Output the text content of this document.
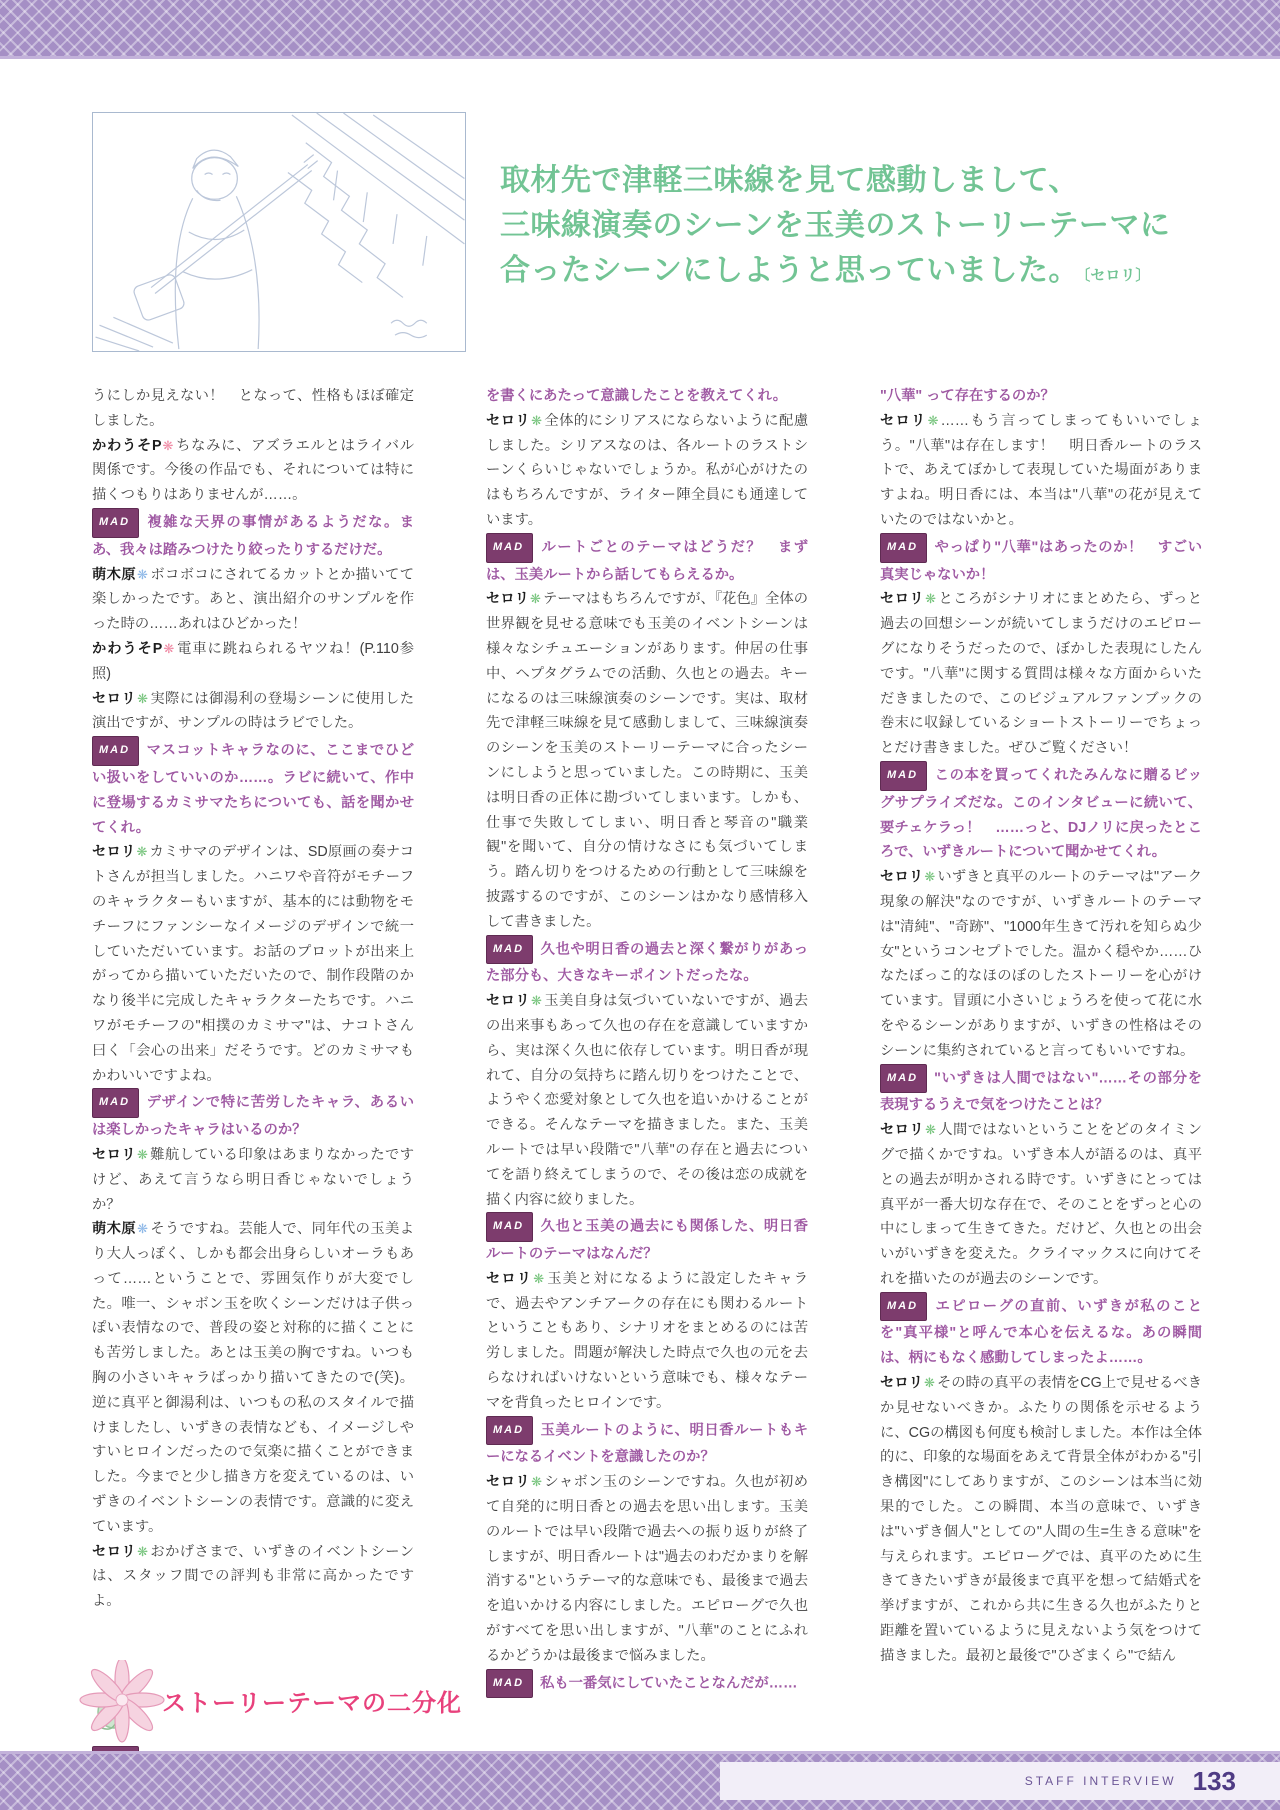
取材先で津軽三味線を見て感動しまして、
三味線演奏のシーンを玉美のストーリーテーマに
合ったシーンにしようと思っていました。 〔セロリ〕

うにしか見えない！　となって、性格もほぼ確定しました。

かわうそP❋ ちなみに、アズラエルとはライバル関係です。今後の作品でも、それについては特に描くつもりはありませんが……。

MAD 複雑な天界の事情があるようだな。まあ、我々は踏みつけたり絞ったりするだけだ。

萌木原❋ ボコボコにされてるカットとか描いてて楽しかったです。あと、演出紹介のサンプルを作った時の……あれはひどかった！

かわうそP❋ 電車に跳ねられるヤツね！(P.110参照)

セロリ❋ 実際には御湯利の登場シーンに使用した演出ですが、サンプルの時はラビでした。

MAD マスコットキャラなのに、ここまでひどい扱いをしていいのか……。ラビに続いて、作中に登場するカミサマたちについても、話を聞かせてくれ。

セロリ❋ カミサマのデザインは、SD原画の奏ナコトさんが担当しました。ハニワや音符がモチーフのキャラクターもいますが、基本的には動物をモチーフにファンシーなイメージのデザインで統一していただいています。お話のプロットが出来上がってから描いていただいたので、制作段階のかなり後半に完成したキャラクターたちです。ハニワがモチーフの"相撲のカミサマ"は、ナコトさん曰く「会心の出来」だそうです。どのカミサマもかわいいですよね。

MAD デザインで特に苦労したキャラ、あるいは楽しかったキャラはいるのか？

セロリ❋ 難航している印象はあまりなかったですけど、あえて言うなら明日香じゃないでしょうか？

萌木原❋ そうですね。芸能人で、同年代の玉美より大人っぽく、しかも都会出身らしいオーラもあって……ということで、雰囲気作りが大変でした。唯一、シャボン玉を吹くシーンだけは子供っぽい表情なので、普段の姿と対称的に描くことにも苦労しました。あとは玉美の胸ですね。いつも胸の小さいキャラばっかり描いてきたので(笑)。逆に真平と御湯利は、いつもの私のスタイルで描けましたし、いずきの表情なども、イメージしやすいヒロインだったので気楽に描くことができました。今までと少し描き方を変えているのは、いずきのイベントシーンの表情です。意識的に変えています。

セロリ❋ おかげさまで、いずきのイベントシーンは、スタッフ間での評判も非常に高かったですよ。

ストーリーテーマの二分化

を書くにあたって意識したことを教えてくれ。

セロリ❋ 全体的にシリアスにならないように配慮しました。シリアスなのは、各ルートのラストシーンくらいじゃないでしょうか。私が心がけたのはもちろんですが、ライター陣全員にも通達しています。

MAD ルートごとのテーマはどうだ？　まずは、玉美ルートから話してもらえるか。

セロリ❋ テーマはもちろんですが、『花色』全体の世界観を見せる意味でも玉美のイベントシーンは様々なシチュエーションがあります。仲居の仕事中、ヘプタグラムでの活動、久也との過去。キーになるのは三味線演奏のシーンです。実は、取材先で津軽三味線を見て感動しまして、三味線演奏のシーンを玉美のストーリーテーマに合ったシーンにしようと思っていました。この時期に、玉美は明日香の正体に勘づいてしまいます。しかも、仕事で失敗してしまい、明日香と琴音の"職業観"を聞いて、自分の情けなさにも気づいてしまう。踏ん切りをつけるための行動として三味線を披露するのですが、このシーンはかなり感情移入して書きました。

MAD 久也や明日香の過去と深く繋がりがあった部分も、大きなキーポイントだったな。

セロリ❋ 玉美自身は気づいていないですが、過去の出来事もあって久也の存在を意識していますから、実は深く久也に依存しています。明日香が現れて、自分の気持ちに踏ん切りをつけたことで、ようやく恋愛対象として久也を追いかけることができる。そんなテーマを描きました。また、玉美ルートでは早い段階で"八華"の存在と過去についてを語り終えてしまうので、その後は恋の成就を描く内容に絞りました。

MAD 久也と玉美の過去にも関係した、明日香ルートのテーマはなんだ？

セロリ❋ 玉美と対になるように設定したキャラで、過去やアンチアークの存在にも関わるルートということもあり、シナリオをまとめるのには苦労しました。問題が解決した時点で久也の元を去らなければいけないという意味でも、様々なテーマを背負ったヒロインです。

MAD 玉美ルートのように、明日香ルートもキーになるイベントを意識したのか？

セロリ❋ シャボン玉のシーンですね。久也が初めて自発的に明日香との過去を思い出します。玉美のルートでは早い段階で過去への振り返りが終了しますが、明日香ルートは"過去のわだかまりを解消する"というテーマ的な意味でも、最後まで過去を追いかける内容にしました。エピローグで久也がすべてを思い出しますが、"八華"のことにふれるかどうかは最後まで悩みました。

MAD 私も一番気にしていたことなんだが……

"八華" って存在するのか？

セロリ❋ ……もう言ってしまってもいいでしょう。"八華"は存在します！　明日香ルートのラストで、あえてぼかして表現していた場面がありますよね。明日香には、本当は"八華"の花が見えていたのではないかと。

MAD やっぱり"八華"はあったのか！　すごい真実じゃないか！

セロリ❋ ところがシナリオにまとめたら、ずっと過去の回想シーンが続いてしまうだけのエピローグになりそうだったので、ぼかした表現にしたんです。"八華"に関する質問は様々な方面からいただきましたので、このビジュアルファンブックの巻末に収録しているショートストーリーでちょっとだけ書きました。ぜひご覧ください！

MAD この本を買ってくれたみんなに贈るビッグサプライズだな。このインタビューに続いて、要チェケラっ！　……っと、DJノリに戻ったところで、いずきルートについて聞かせてくれ。

セロリ❋ いずきと真平のルートのテーマは"アーク現象の解決"なのですが、いずきルートのテーマは"清純"、"奇跡"、"1000年生きて汚れを知らぬ少女"というコンセプトでした。温かく穏やか……ひなたぼっこ的なほのぼのしたストーリーを心がけています。冒頭に小さいじょうろを使って花に水をやるシーンがありますが、いずきの性格はそのシーンに集約されていると言ってもいいですね。

MAD "いずきは人間ではない"……その部分を表現するうえで気をつけたことは？

セロリ❋ 人間ではないということをどのタイミングで描くかですね。いずき本人が語るのは、真平との過去が明かされる時です。いずきにとっては真平が一番大切な存在で、そのことをずっと心の中にしまって生きてきた。だけど、久也との出会いがいずきを変えた。クライマックスに向けてそれを描いたのが過去のシーンです。

MAD エピローグの直前、いずきが私のことを"真平様"と呼んで本心を伝えるな。あの瞬間は、柄にもなく感動してしまったよ……。

セロリ❋ その時の真平の表情をCG上で見せるべきか見せないべきか。ふたりの関係を示せるように、CGの構図も何度も検討しました。本作は全体的に、印象的な場面をあえて背景全体がわかる"引き構図"にしてありますが、このシーンは本当に効果的でした。この瞬間、本当の意味で、いずきは"いずき個人"としての"人間の生=生きる意味"を与えられます。エピローグでは、真平のために生きてきたいずきが最後まで真平を想って結婚式を挙げますが、これから共に生きる久也がふたりと距離を置いているように見えないよう気をつけて描きました。最初と最後で"ひざまくら"で結ん

STAFF INTERVIEW 133
